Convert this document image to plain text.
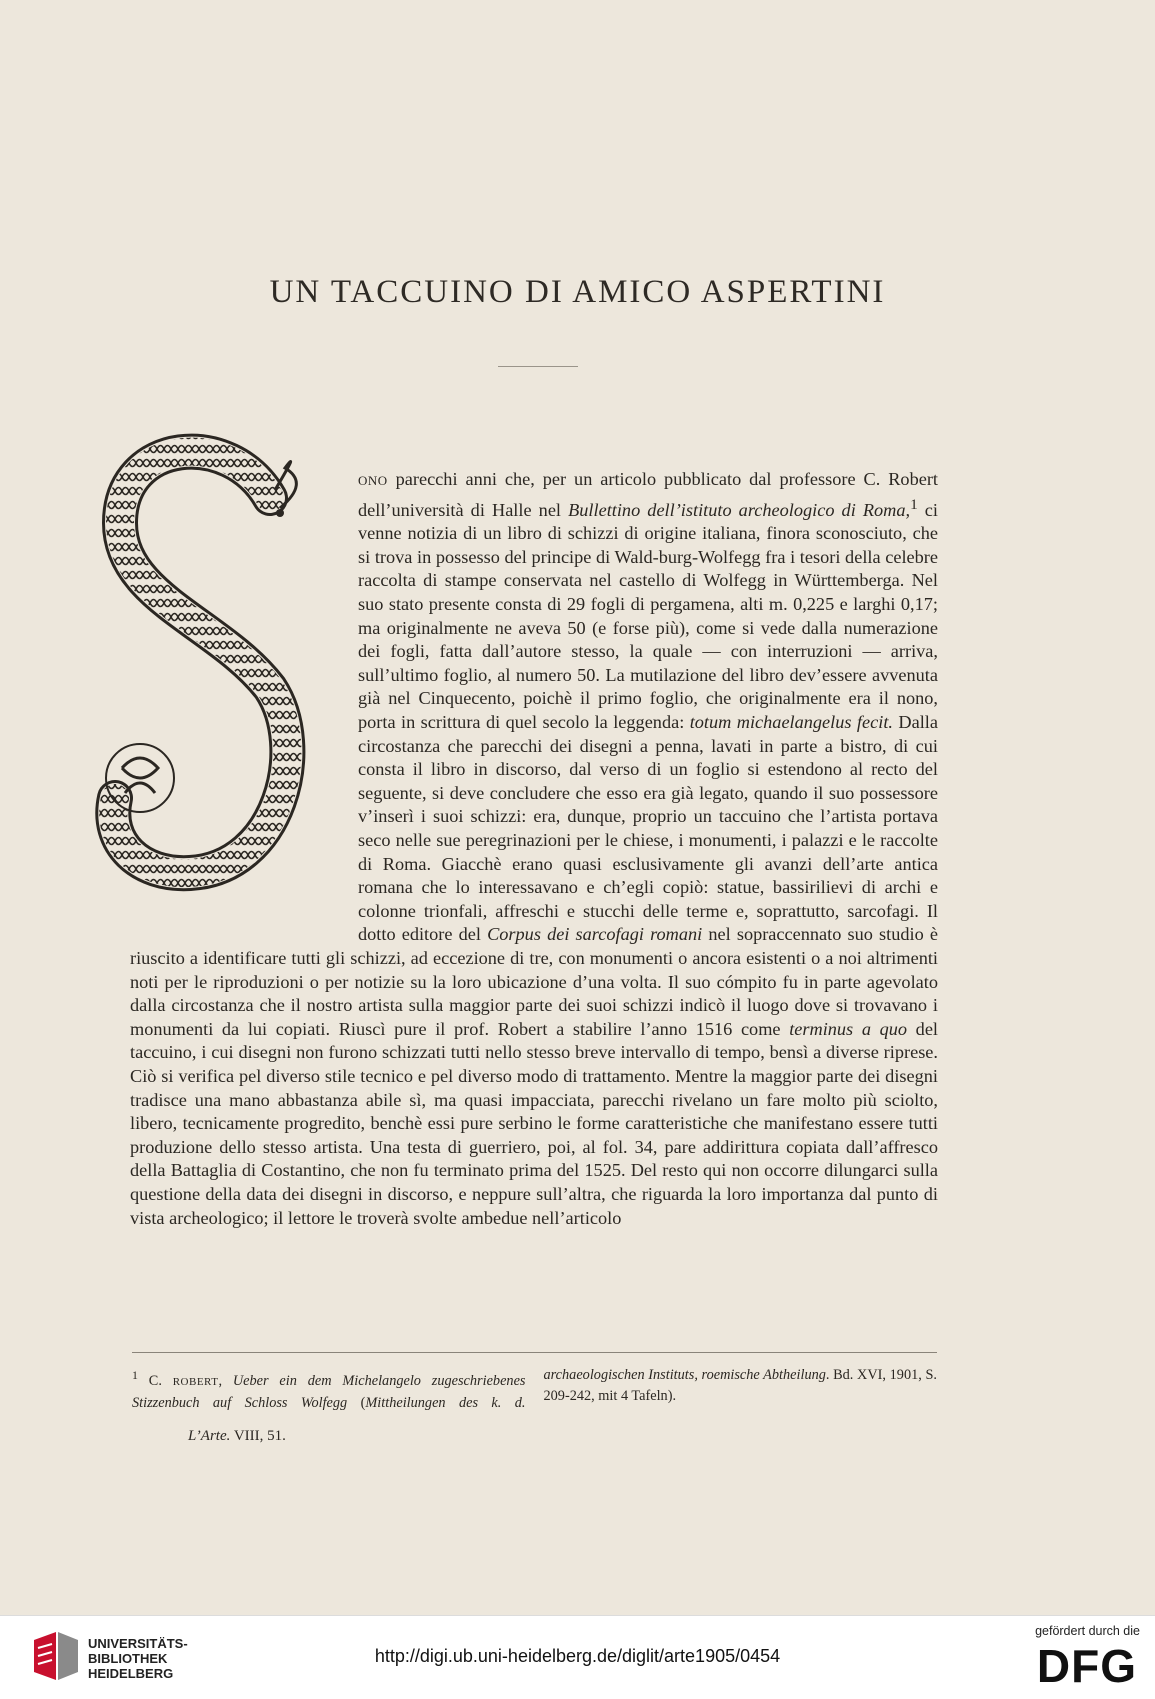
UN TACCUINO DI AMICO ASPERTINI

ONO parecchi anni che, per un articolo pubblicato dal professore C. Robert dell’università di Halle nel Bullettino dell’istituto archeologico di Roma,$^1$ ci venne notizia di un libro di schizzi di origine italiana, finora sconosciuto, che si trova in possesso del principe di Wald-burg-Wolfegg fra i tesori della celebre raccolta di stampe conservata nel castello di Wolfegg in Württemberga. Nel suo stato presente consta di 29 fogli di pergamena, alti m. 0,225 e larghi 0,17; ma originalmente ne aveva 50 (e forse più), come si vede dalla numerazione dei fogli, fatta dall’autore stesso, la quale — con interruzioni — arriva, sull’ultimo foglio, al numero 50. La mutilazione del libro dev’essere avvenuta già nel Cinquecento, poichè il primo foglio, che originalmente era il nono, porta in scrittura di quel secolo la leggenda: totum michaelangelus fecit. Dalla circostanza che parecchi dei disegni a penna, lavati in parte a bistro, di cui consta il libro in discorso, dal verso di un foglio si estendono al recto del seguente, si deve concludere che esso era già legato, quando il suo possessore v’inserì i suoi schizzi: era, dunque, proprio un taccuino che l’artista portava seco nelle sue peregrinazioni per le chiese, i monumenti, i palazzi e le raccolte di Roma. Giacchè erano quasi esclusivamente gli avanzi dell’arte antica romana che lo interessavano e ch’egli copiò: statue, bassirilievi di archi e colonne trionfali, affreschi e stucchi delle terme e, soprattutto, sarcofagi. Il dotto editore del Corpus dei sarcofagi romani nel sopraccennato suo studio è riuscito a identificare tutti gli schizzi, ad eccezione di tre, con monumenti o ancora esistenti o a noi altrimenti noti per le riproduzioni o per notizie su la loro ubicazione d’una volta. Il suo cómpito fu in parte agevolato dalla circostanza che il nostro artista sulla maggior parte dei suoi schizzi indicò il luogo dove si trovavano i monumenti da lui copiati. Riuscì pure il prof. Robert a stabilire l’anno 1516 come terminus a quo del taccuino, i cui disegni non furono schizzati tutti nello stesso breve intervallo di tempo, bensì a diverse riprese. Ciò si verifica pel diverso stile tecnico e pel diverso modo di trattamento. Mentre la maggior parte dei disegni tradisce una mano abbastanza abile sì, ma quasi impacciata, parecchi rivelano un fare molto più sciolto, libero, tecnicamente progredito, benchè essi pure serbino le forme caratteristiche che manifestano essere tutti produzione dello stesso artista. Una testa di guerriero, poi, al fol. 34, pare addirittura copiata dall’affresco della Battaglia di Costantino, che non fu terminato prima del 1525. Del resto qui non occorre dilungarci sulla questione della data dei disegni in discorso, e neppure sull’altra, che riguarda la loro importanza dal punto di vista archeologico; il lettore le troverà svolte ambedue nell’articolo

$^1$ C. ROBERT, Ueber ein dem Michelangelo zugeschriebenes Stizzenbuch auf Schloss Wolfegg (Mittheilungen des k. d. archaeologischen Instituts, roemische Abtheilung. Bd. XVI, 1901, S. 209-242, mit 4 Tafeln).

L’Arte. VIII, 51.
UNIVERSITÄTS-
BIBLIOTHEK
HEIDELBERG
http://digi.ub.uni-heidelberg.de/diglit/arte1905/0454
gefördert durch die
DFG
